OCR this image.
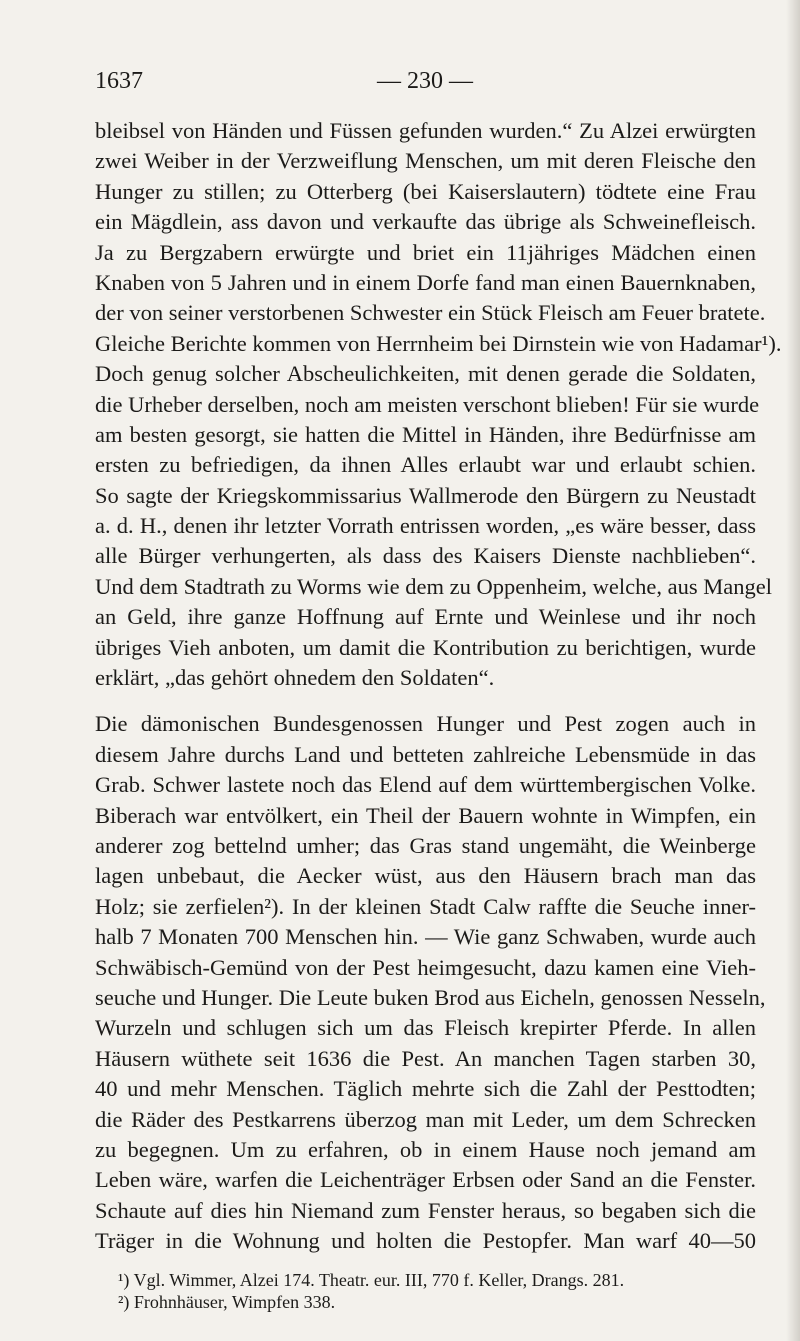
1637	— 230 —
bleibsel von Händen und Füssen gefunden wurden.“ Zu Alzei erwürgten
zwei Weiber in der Verzweiflung Menschen, um mit deren Fleische den
Hunger zu stillen; zu Otterberg (bei Kaiserslautern) tödtete eine Frau
ein Mägdlein, ass davon und verkaufte das übrige als Schweinefleisch.
Ja zu Bergzabern erwürgte und briet ein 11jähriges Mädchen einen
Knaben von 5 Jahren und in einem Dorfe fand man einen Bauernknaben,
der von seiner verstorbenen Schwester ein Stück Fleisch am Feuer bratete.
Gleiche Berichte kommen von Herrnheim bei Dirnstein wie von Hadamar¹).
Doch genug solcher Abscheulichkeiten, mit denen gerade die Soldaten,
die Urheber derselben, noch am meisten verschont blieben! Für sie wurde
am besten gesorgt, sie hatten die Mittel in Händen, ihre Bedürfnisse am
ersten zu befriedigen, da ihnen Alles erlaubt war und erlaubt schien.
So sagte der Kriegskommissarius Wallmerode den Bürgern zu Neustadt
a. d. H., denen ihr letzter Vorrath entrissen worden, „es wäre besser, dass
alle Bürger verhungerten, als dass des Kaisers Dienste nachblieben“.
Und dem Stadtrath zu Worms wie dem zu Oppenheim, welche, aus Mangel
an Geld, ihre ganze Hoffnung auf Ernte und Weinlese und ihr noch
übriges Vieh anboten, um damit die Kontribution zu berichtigen, wurde
erklärt, „das gehört ohnedem den Soldaten“.
Die dämonischen Bundesgenossen Hunger und Pest zogen auch in
diesem Jahre durchs Land und betteten zahlreiche Lebensmüde in das
Grab. Schwer lastete noch das Elend auf dem württembergischen Volke.
Biberach war entvölkert, ein Theil der Bauern wohnte in Wimpfen, ein
anderer zog bettelnd umher; das Gras stand ungemäht, die Weinberge
lagen unbebaut, die Aecker wüst, aus den Häusern brach man das
Holz; sie zerfielen²). In der kleinen Stadt Calw raffte die Seuche inner-
halb 7 Monaten 700 Menschen hin. — Wie ganz Schwaben, wurde auch
Schwäbisch-Gemünd von der Pest heimgesucht, dazu kamen eine Vieh-
seuche und Hunger. Die Leute buken Brod aus Eicheln, genossen Nesseln,
Wurzeln und schlugen sich um das Fleisch krepirter Pferde. In allen
Häusern wüthete seit 1636 die Pest. An manchen Tagen starben 30,
40 und mehr Menschen. Täglich mehrte sich die Zahl der Pesttodten;
die Räder des Pestkarrens überzog man mit Leder, um dem Schrecken
zu begegnen. Um zu erfahren, ob in einem Hause noch jemand am
Leben wäre, warfen die Leichenträger Erbsen oder Sand an die Fenster.
Schaute auf dies hin Niemand zum Fenster heraus, so begaben sich die
Träger in die Wohnung und holten die Pestopfer. Man warf 40—50
¹) Vgl. Wimmer, Alzei 174. Theatr. eur. III, 770 f. Keller, Drangs. 281.
²) Frohnhäuser, Wimpfen 338.
